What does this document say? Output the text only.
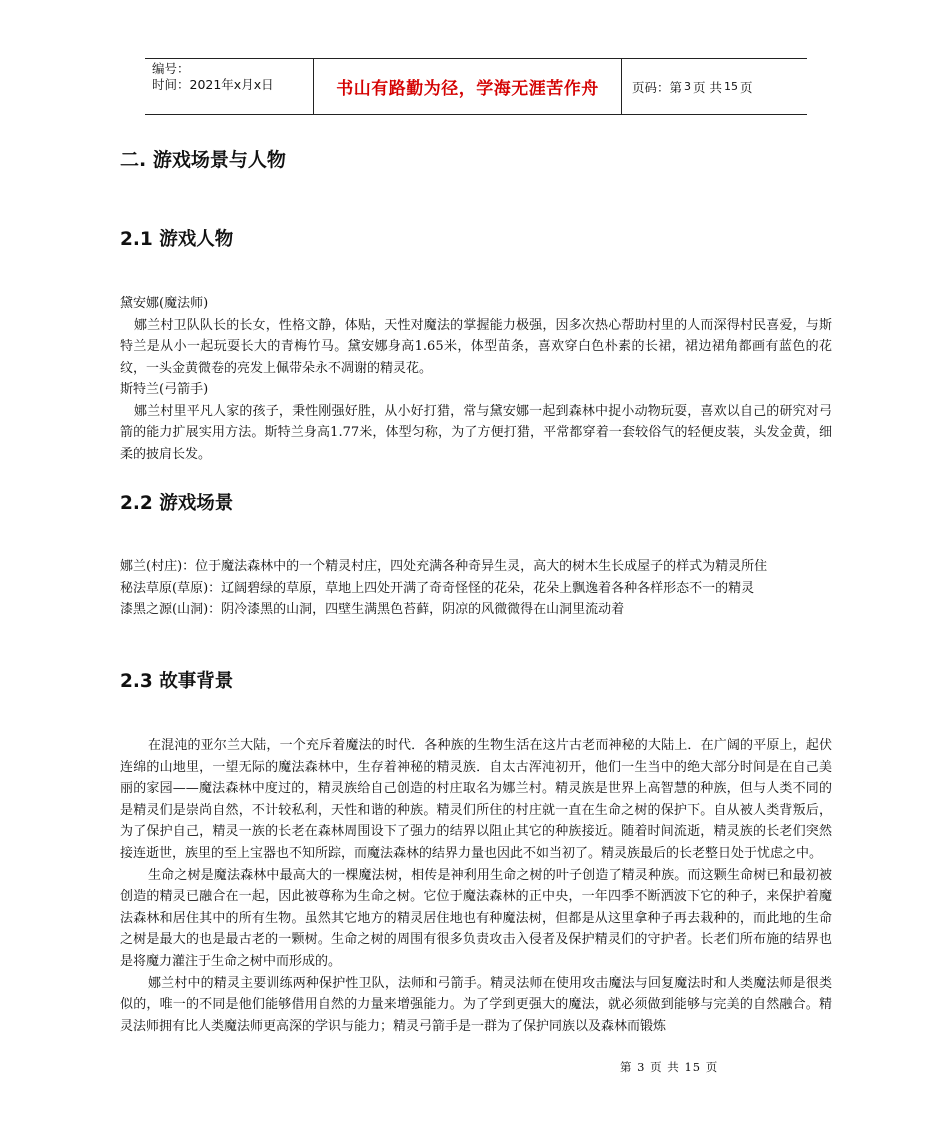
编号：
时间：2021年x月x日	书山有路勤为径，学海无涯苦作舟	页码：第 3 页 共 15 页
二. 游戏场景与人物
2.1 游戏人物

黛安娜(魔法师)

娜兰村卫队队长的长女，性格文静，体贴，天性对魔法的掌握能力极强，因多次热心帮助村里的人而深得村民喜爱，与斯特兰是从小一起玩耍长大的青梅竹马。黛安娜身高1.65米，体型苗条，喜欢穿白色朴素的长裙，裙边裙角都画有蓝色的花纹，一头金黄微卷的亮发上佩带朵永不凋谢的精灵花。

斯特兰(弓箭手)

娜兰村里平凡人家的孩子，秉性刚强好胜，从小好打猎，常与黛安娜一起到森林中捉小动物玩耍，喜欢以自己的研究对弓箭的能力扩展实用方法。斯特兰身高1.77米，体型匀称，为了方便打猎，平常都穿着一套较俗气的轻便皮装，头发金黄，细柔的披肩长发。

2.2 游戏场景

娜兰(村庄)：位于魔法森林中的一个精灵村庄，四处充满各种奇异生灵，高大的树木生长成屋子的样式为精灵所住

秘法草原(草原)：辽阔碧绿的草原，草地上四处开满了奇奇怪怪的花朵，花朵上飘逸着各种各样形态不一的精灵

漆黑之源(山洞)：阴冷漆黑的山洞，四壁生满黑色苔藓，阴凉的风微微得在山洞里流动着

2.3 故事背景

在混沌的亚尔兰大陆，一个充斥着魔法的时代．各种族的生物生活在这片古老而神秘的大陆上．在广阔的平原上，起伏连绵的山地里，一望无际的魔法森林中，生存着神秘的精灵族．自太古浑沌初开，他们一生当中的绝大部分时间是在自己美丽的家园——魔法森林中度过的，精灵族给自己创造的村庄取名为娜兰村。精灵族是世界上高智慧的种族，但与人类不同的是精灵们是崇尚自然，不计较私利，天性和谐的种族。精灵们所住的村庄就一直在生命之树的保护下。自从被人类背叛后，为了保护自己，精灵一族的长老在森林周围设下了强力的结界以阻止其它的种族接近。随着时间流逝，精灵族的长老们突然接连逝世，族里的至上宝器也不知所踪，而魔法森林的结界力量也因此不如当初了。精灵族最后的长老整日处于忧虑之中。

生命之树是魔法森林中最高大的一棵魔法树，相传是神利用生命之树的叶子创造了精灵种族。而这颗生命树已和最初被创造的精灵已融合在一起，因此被尊称为生命之树。它位于魔法森林的正中央，一年四季不断洒波下它的种子，来保护着魔法森林和居住其中的所有生物。虽然其它地方的精灵居住地也有种魔法树，但都是从这里拿种子再去栽种的，而此地的生命之树是最大的也是最古老的一颗树。生命之树的周围有很多负责攻击入侵者及保护精灵们的守护者。长老们所布施的结界也是将魔力灌注于生命之树中而形成的。

娜兰村中的精灵主要训练两种保护性卫队，法师和弓箭手。精灵法师在使用攻击魔法与回复魔法时和人类魔法师是很类似的，唯一的不同是他们能够借用自然的力量来增强能力。为了学到更强大的魔法，就必须做到能够与完美的自然融合。精灵法师拥有比人类魔法师更高深的学识与能力；精灵弓箭手是一群为了保护同族以及森林而锻炼

第 3 页 共 15 页
